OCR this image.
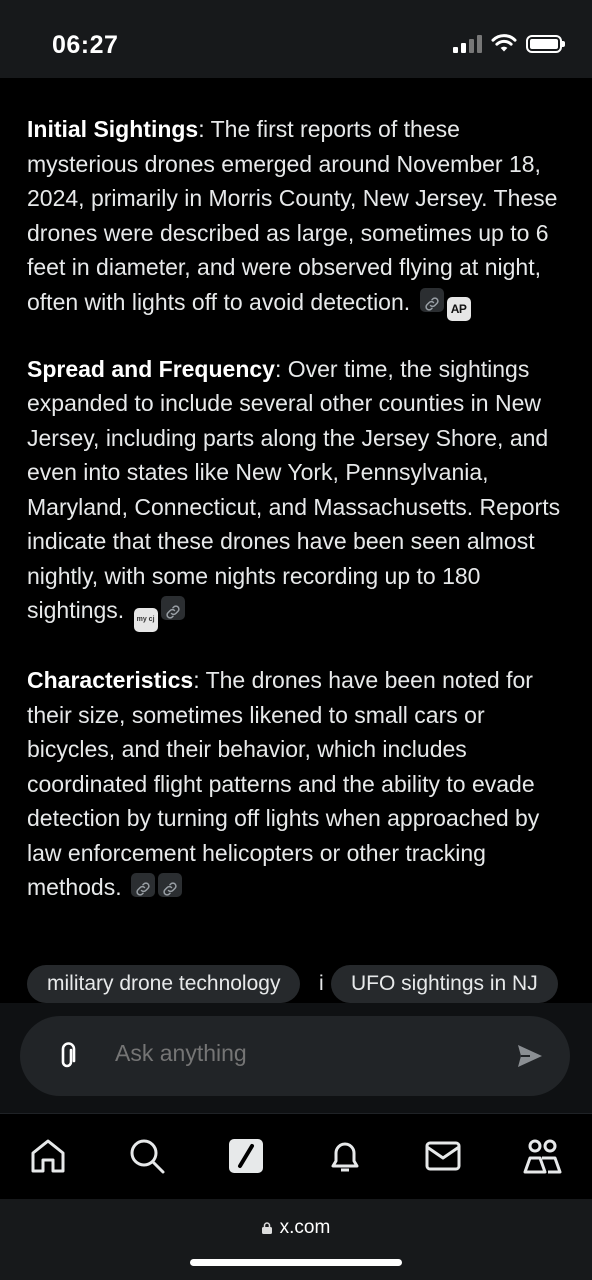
06:27

Initial Sightings: The first reports of these mysterious drones emerged around November 18, 2024, primarily in Morris County, New Jersey. These drones were described as large, sometimes up to 6 feet in diameter, and were observed flying at night, often with lights off to avoid detection.	AP

Spread and Frequency: Over time, the sightings expanded to include several other counties in New Jersey, including parts along the Jersey Shore, and even into states like New York, Pennsylvania, Maryland, Connecticut, and Massachusetts. Reports indicate that these drones have been seen almost nightly, with some nights recording up to 180 sightings. my cj

Characteristics: The drones have been noted for their size, sometimes likened to small cars or bicycles, and their behavior, which includes coordinated flight patterns and the ability to evade detection by turning off lights when approached by law enforcement helicopters or other tracking methods.

military drone technology	i	UFO sightings in NJ
Ask anything
x.com
